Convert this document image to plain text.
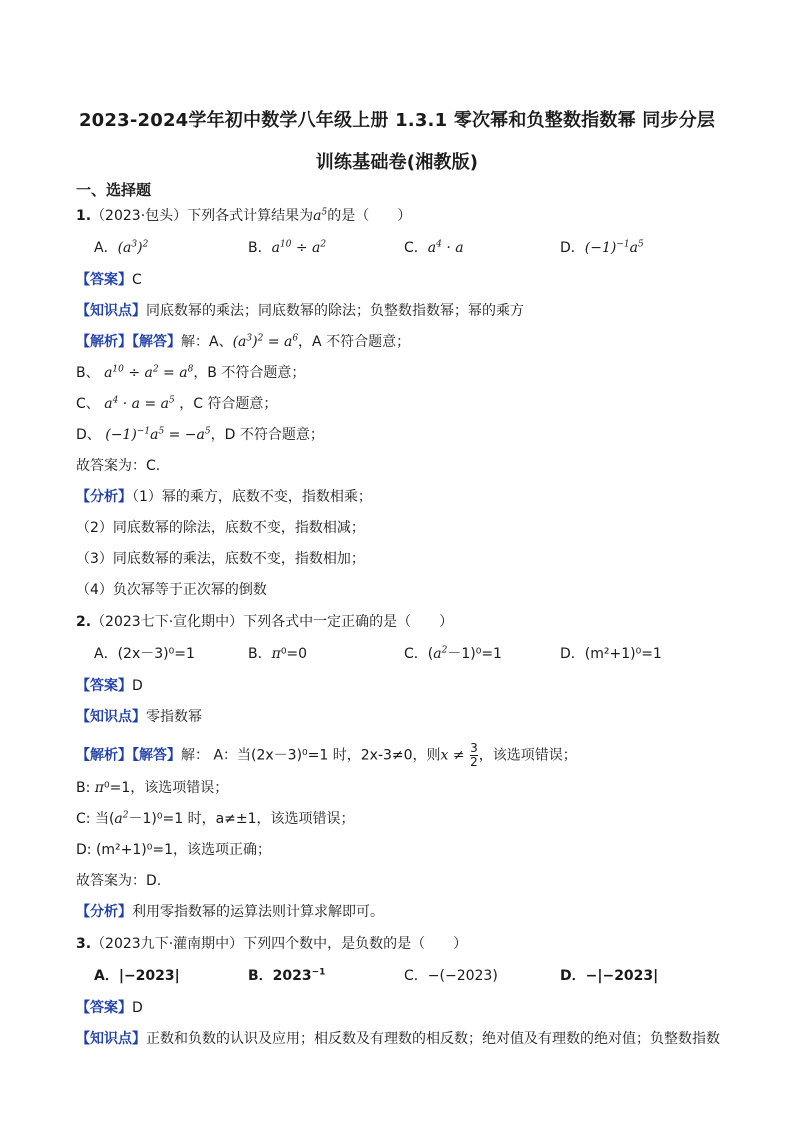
2023-2024学年初中数学八年级上册 1.3.1 零次幂和负整数指数幂 同步分层
训练基础卷(湘教版)
一、选择题
1.（2023·包头）下列各式计算结果为$a^5$的是（　　）
A．$(a^3)^2$	B．$a^{10} \div a^2$	C．$a^4 \cdot a$	D．$(-1)^{-1}a^5$
【答案】C
【知识点】同底数幂的乘法；同底数幂的除法；负整数指数幂；幂的乘方
【解析】【解答】解：A、$(a^3)^2 = a^6$，A 不符合题意；
B、 $a^{10} \div a^2 = a^8$，B 不符合题意；
C、 $a^4 \cdot a = a^5$ ，C 符合题意；
D、 $(-1)^{-1}a^5 = -a^5$，D 不符合题意；
故答案为：C.
【分析】（1）幂的乘方，底数不变，指数相乘；
（2）同底数幂的除法，底数不变，指数相减；
（3）同底数幂的乘法，底数不变，指数相加；
（4）负次幂等于正次幂的倒数
2.（2023七下·宣化期中）下列各式中一定正确的是（　　）
A．(2x－3)⁰=1	B．π⁰=0	C．$(a^2-1)^0=1$	D．(m²+1)⁰=1
【答案】D
【知识点】零指数幂
【解析】【解答】解： A：当(2x－3)⁰=1 时，2x-3≠0，则$x \ne \frac{3}{2}$ ，该选项错误；
B: π⁰=1，该选项错误；
C: 当$(a^2-1)^0=1$ 时，a≠±1，该选项错误；
D: (m²+1)⁰=1，该选项正确；
故答案为：D.
【分析】利用零指数幂的运算法则计算求解即可。
3.（2023九下·灌南期中）下列四个数中，是负数的是（　　）
A．|−2023|	B．$2023^{-1}$	C．−(−2023)	D．−|−2023|
【答案】D
【知识点】正数和负数的认识及应用；相反数及有理数的相反数；绝对值及有理数的绝对值；负整数指数
